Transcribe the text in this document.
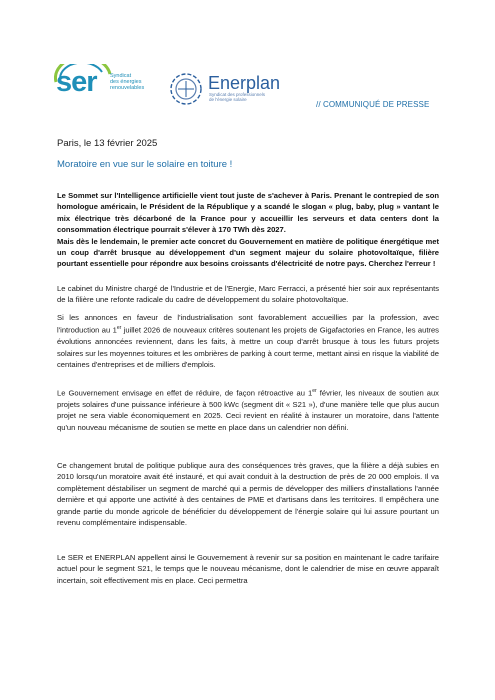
ser Syndicat
des énergies
renouvelables	Enerplan
Syndicat des professionnels
de l'énergie solaire
// COMMUNIQUÉ DE PRESSE
Paris, le 13 février 2025
Moratoire en vue sur le solaire en toiture !
Le Sommet sur l'Intelligence artificielle vient tout juste de s'achever à Paris. Prenant le contrepied de son homologue américain, le Président de la République y a scandé le slogan « plug, baby, plug » vantant le mix électrique très décarboné de la France pour y accueillir les serveurs et data centers dont la consommation électrique pourrait s'élever à 170 TWh dès 2027.
Mais dès le lendemain, le premier acte concret du Gouvernement en matière de politique énergétique met un coup d'arrêt brusque au développement d'un segment majeur du solaire photovoltaïque, filière pourtant essentielle pour répondre aux besoins croissants d'électricité de notre pays. Cherchez l'erreur !

Le cabinet du Ministre chargé de l'Industrie et de l'Energie, Marc Ferracci, a présenté hier soir aux représentants de la filière une refonte radicale du cadre de développement du solaire photovoltaïque.

Si les annonces en faveur de l'industrialisation sont favorablement accueillies par la profession, avec l'introduction au 1er juillet 2026 de nouveaux critères soutenant les projets de Gigafactories en France, les autres évolutions annoncées reviennent, dans les faits, à mettre un coup d'arrêt brusque à tous les futurs projets solaires sur les moyennes toitures et les ombrières de parking à court terme, mettant ainsi en risque la viabilité de centaines d'entreprises et de milliers d'emplois.

Le Gouvernement envisage en effet de réduire, de façon rétroactive au 1er février, les niveaux de soutien aux projets solaires d'une puissance inférieure à 500 kWc (segment dit « S21 »), d'une manière telle que plus aucun projet ne sera viable économiquement en 2025. Ceci revient en réalité à instaurer un moratoire, dans l'attente qu'un nouveau mécanisme de soutien se mette en place dans un calendrier non défini.

Ce changement brutal de politique publique aura des conséquences très graves, que la filière a déjà subies en 2010 lorsqu'un moratoire avait été instauré, et qui avait conduit à la destruction de près de 20 000 emplois. Il va complètement déstabiliser un segment de marché qui a permis de développer des milliers d'installations l'année dernière et qui apporte une activité à des centaines de PME et d'artisans dans les territoires. Il empêchera une grande partie du monde agricole de bénéficier du développement de l'énergie solaire qui lui assure pourtant un revenu complémentaire indispensable.

Le SER et ENERPLAN appellent ainsi le Gouvernement à revenir sur sa position en maintenant le cadre tarifaire actuel pour le segment S21, le temps que le nouveau mécanisme, dont le calendrier de mise en œuvre apparaît incertain, soit effectivement mis en place. Ceci permettra
